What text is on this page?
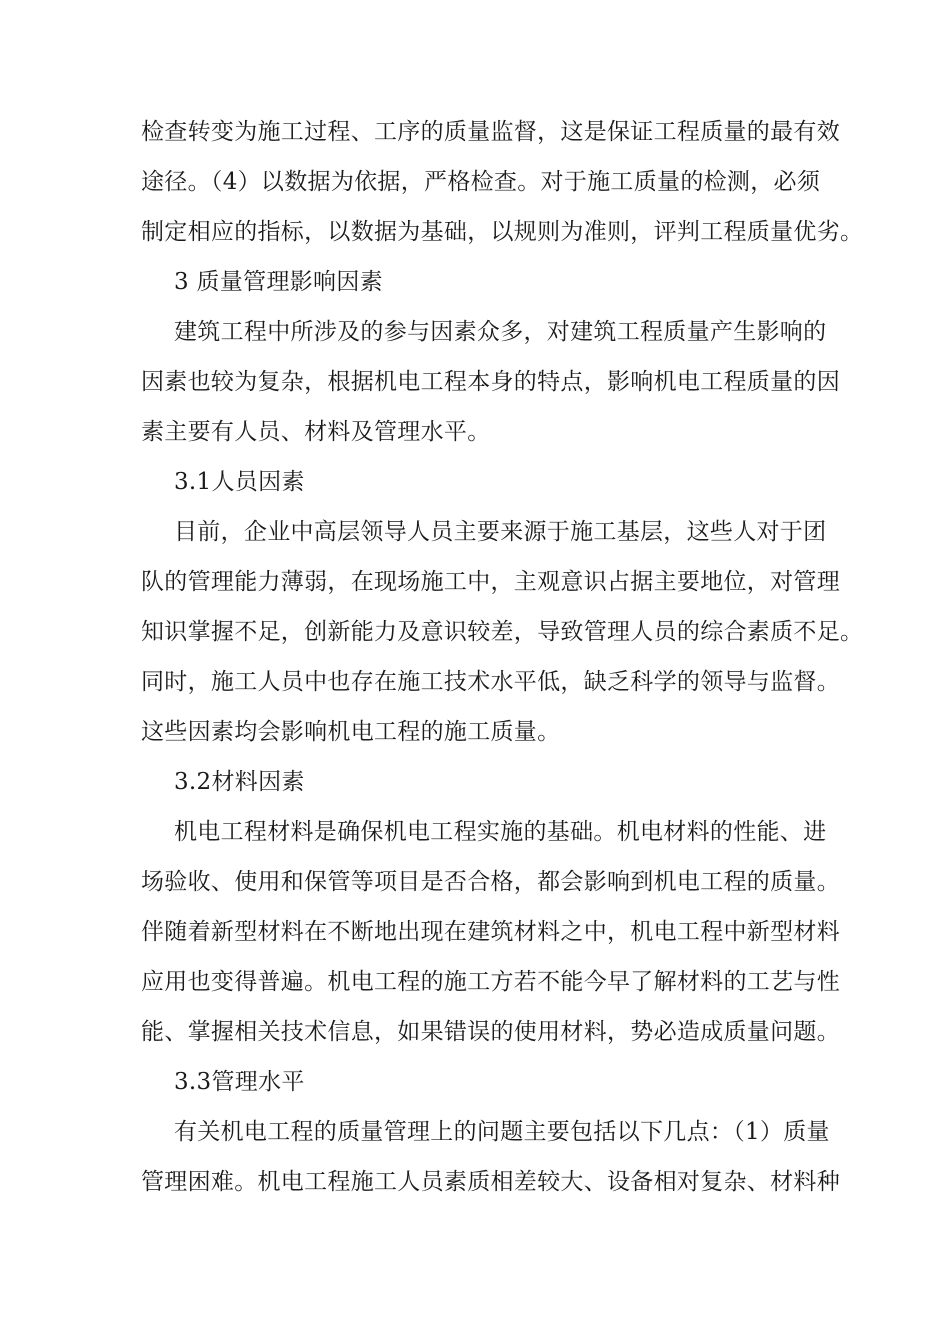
检查转变为施工过程、工序的质量监督，这是保证工程质量的最有效
途径。（4）以数据为依据，严格检查。对于施工质量的检测，必须
制定相应的指标，以数据为基础，以规则为准则，评判工程质量优劣。
3 质量管理影响因素
建筑工程中所涉及的参与因素众多，对建筑工程质量产生影响的
因素也较为复杂，根据机电工程本身的特点，影响机电工程质量的因
素主要有人员、材料及管理水平。
3.1人员因素
目前，企业中高层领导人员主要来源于施工基层，这些人对于团
队的管理能力薄弱，在现场施工中，主观意识占据主要地位，对管理
知识掌握不足，创新能力及意识较差，导致管理人员的综合素质不足。
同时，施工人员中也存在施工技术水平低，缺乏科学的领导与监督。
这些因素均会影响机电工程的施工质量。
3.2材料因素
机电工程材料是确保机电工程实施的基础。机电材料的性能、进
场验收、使用和保管等项目是否合格，都会影响到机电工程的质量。
伴随着新型材料在不断地出现在建筑材料之中，机电工程中新型材料
应用也变得普遍。机电工程的施工方若不能今早了解材料的工艺与性
能、掌握相关技术信息，如果错误的使用材料，势必造成质量问题。
3.3管理水平
有关机电工程的质量管理上的问题主要包括以下几点：（1）质量
管理困难。机电工程施工人员素质相差较大、设备相对复杂、材料种
